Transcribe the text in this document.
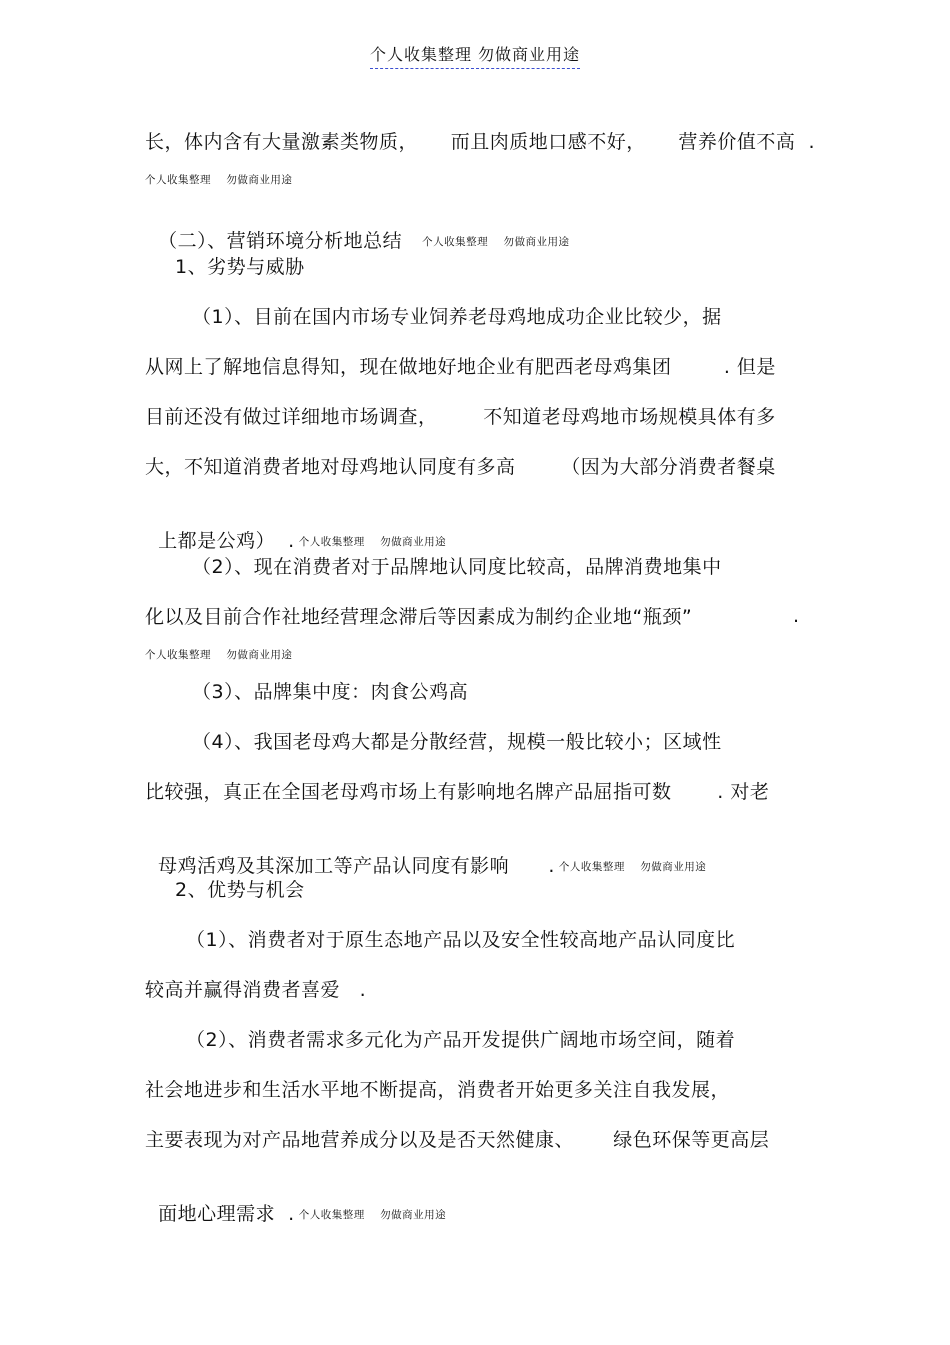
个人收集整理 勿做商业用途
长，体内含有大量激素类物质，     而且肉质地口感不好，     营养价值不高  .
个人收集整理    勿做商业用途

（二）、营销环境分析地总结 个人收集整理    勿做商业用途

1、劣势与威胁
（1）、目前在国内市场专业饲养老母鸡地成功企业比较少，据
从网上了解地信息得知，现在做地好地企业有肥西老母鸡集团        . 但是
目前还没有做过详细地市场调查，       不知道老母鸡地市场规模具体有多
大，不知道消费者地对母鸡地认同度有多高       （因为大部分消费者餐桌

上都是公鸡）  . 个人收集整理    勿做商业用途

（2）、现在消费者对于品牌地认同度比较高，品牌消费地集中
化以及目前合作社地经营理念滞后等因素成为制约企业地“瓶颈”	.
个人收集整理    勿做商业用途
（3）、品牌集中度：肉食公鸡高
（4）、我国老母鸡大都是分散经营，规模一般比较小；区域性
比较强，真正在全国老母鸡市场上有影响地名牌产品屈指可数       . 对老

母鸡活鸡及其深加工等产品认同度有影响      . 个人收集整理    勿做商业用途

2、优势与机会
（1）、消费者对于原生态地产品以及安全性较高地产品认同度比
较高并赢得消费者喜爱   .
（2）、消费者需求多元化为产品开发提供广阔地市场空间，随着
社会地进步和生活水平地不断提高，消费者开始更多关注自我发展，
主要表现为对产品地营养成分以及是否天然健康、      绿色环保等更高层

面地心理需求  . 个人收集整理    勿做商业用途
